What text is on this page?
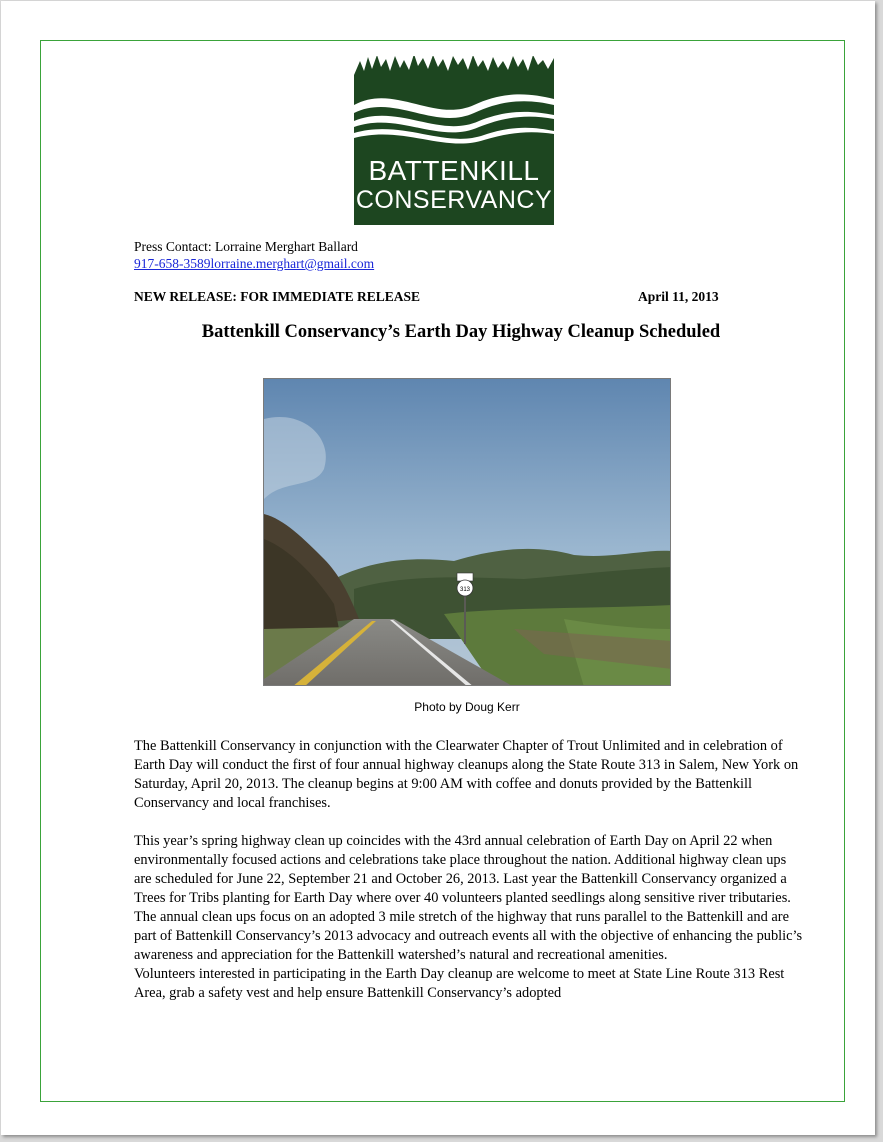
BATTENKILL
CONSERVANCY
Press Contact: Lorraine Merghart Ballard
917-658-3589lorraine.merghart@gmail.com
NEW RELEASE: FOR IMMEDIATE RELEASE	April 11, 2013
Battenkill Conservancy’s Earth Day Highway Cleanup Scheduled
313
Photo by Doug Kerr

The Battenkill Conservancy in conjunction with the Clearwater Chapter of Trout Unlimited and in celebration of Earth Day will conduct the first of four annual highway cleanups along the State Route 313 in Salem, New York on Saturday, April 20, 2013. The cleanup begins at 9:00 AM with coffee and donuts provided by the Battenkill Conservancy and local franchises.

This year’s spring highway clean up coincides with the 43rd annual celebration of Earth Day on April 22 when environmentally focused actions and celebrations take place throughout the nation. Additional highway clean ups are scheduled for June 22, September 21 and October 26, 2013. Last year the Battenkill Conservancy organized a Trees for Tribs planting for Earth Day where over 40 volunteers planted seedlings along sensitive river tributaries. The annual clean ups focus on an adopted 3 mile stretch of the highway that runs parallel to the Battenkill and are part of Battenkill Conservancy’s 2013 advocacy and outreach events all with the objective of enhancing the public’s awareness and appreciation for the Battenkill watershed’s natural and recreational amenities.

Volunteers interested in participating in the Earth Day cleanup are welcome to meet at State Line Route 313 Rest Area, grab a safety vest and help ensure Battenkill Conservancy’s adopted
